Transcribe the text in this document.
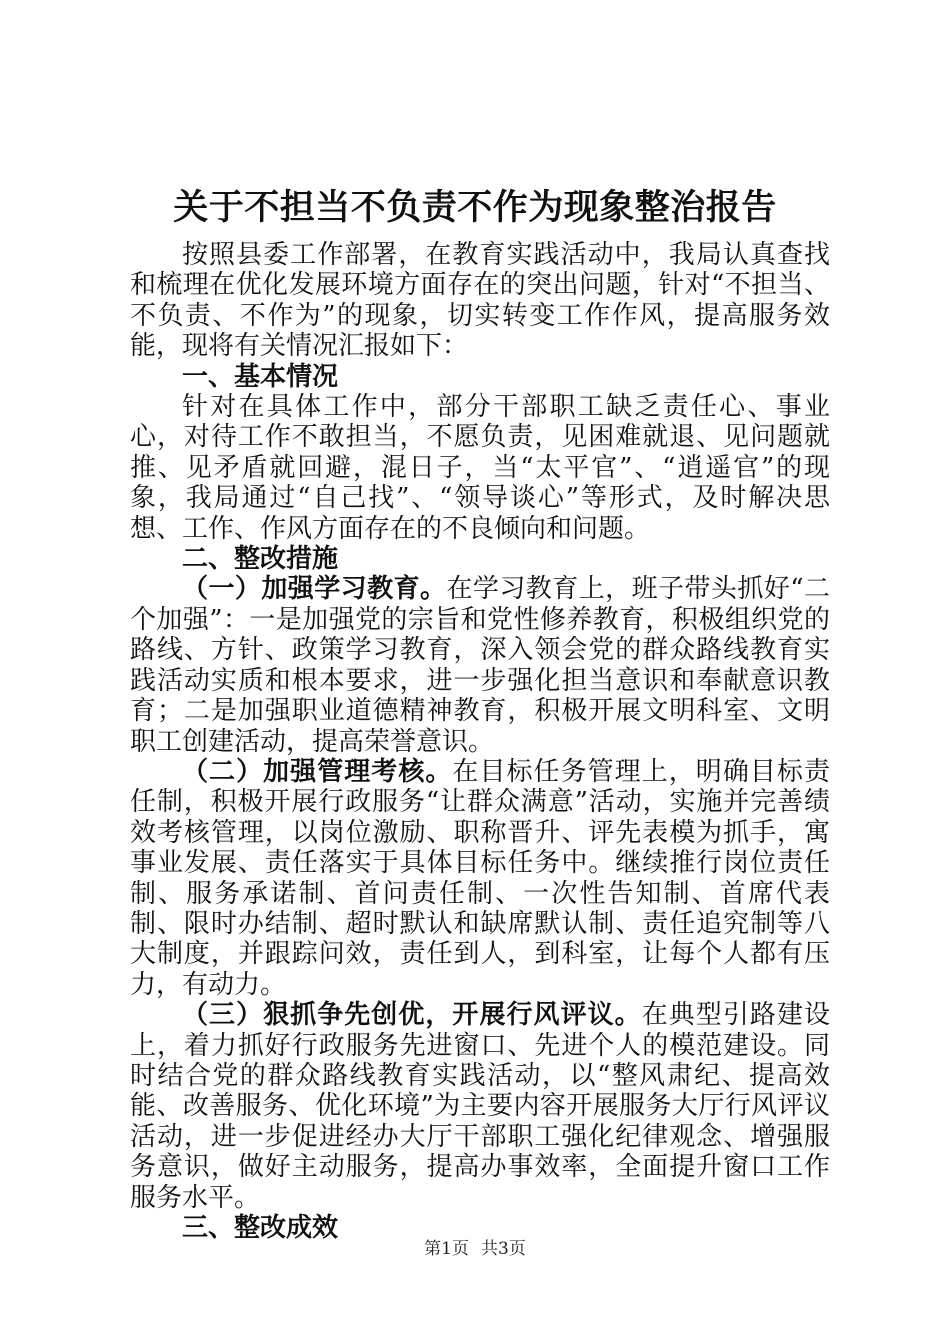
关于不担当不负责不作为现象整治报告

按照县委工作部署，在教育实践活动中，我局认真查找和梳理在优化发展环境方面存在的突出问题，针对“不担当、不负责、不作为”的现象，切实转变工作作风，提高服务效能，现将有关情况汇报如下：

一、基本情况

针对在具体工作中，部分干部职工缺乏责任心、事业心，对待工作不敢担当，不愿负责，见困难就退、见问题就推、见矛盾就回避，混日子，当“太平官”、“逍遥官”的现象，我局通过“自己找”、“领导谈心”等形式，及时解决思想、工作、作风方面存在的不良倾向和问题。

二、整改措施

（一）加强学习教育。在学习教育上，班子带头抓好“二个加强”：一是加强党的宗旨和党性修养教育，积极组织党的路线、方针、政策学习教育，深入领会党的群众路线教育实践活动实质和根本要求，进一步强化担当意识和奉献意识教育；二是加强职业道德精神教育，积极开展文明科室、文明职工创建活动，提高荣誉意识。

（二）加强管理考核。在目标任务管理上，明确目标责任制，积极开展行政服务“让群众满意”活动，实施并完善绩效考核管理，以岗位激励、职称晋升、评先表模为抓手，寓事业发展、责任落实于具体目标任务中。继续推行岗位责任制、服务承诺制、首问责任制、一次性告知制、首席代表制、限时办结制、超时默认和缺席默认制、责任追究制等八大制度，并跟踪问效，责任到人，到科室，让每个人都有压力，有动力。

（三）狠抓争先创优，开展行风评议。在典型引路建设上，着力抓好行政服务先进窗口、先进个人的模范建设。同时结合党的群众路线教育实践活动，以“整风肃纪、提高效能、改善服务、优化环境”为主要内容开展服务大厅行风评议活动，进一步促进经办大厅干部职工强化纪律观念、增强服务意识，做好主动服务，提高办事效率，全面提升窗口工作服务水平。

三、整改成效

第1页 共3页
